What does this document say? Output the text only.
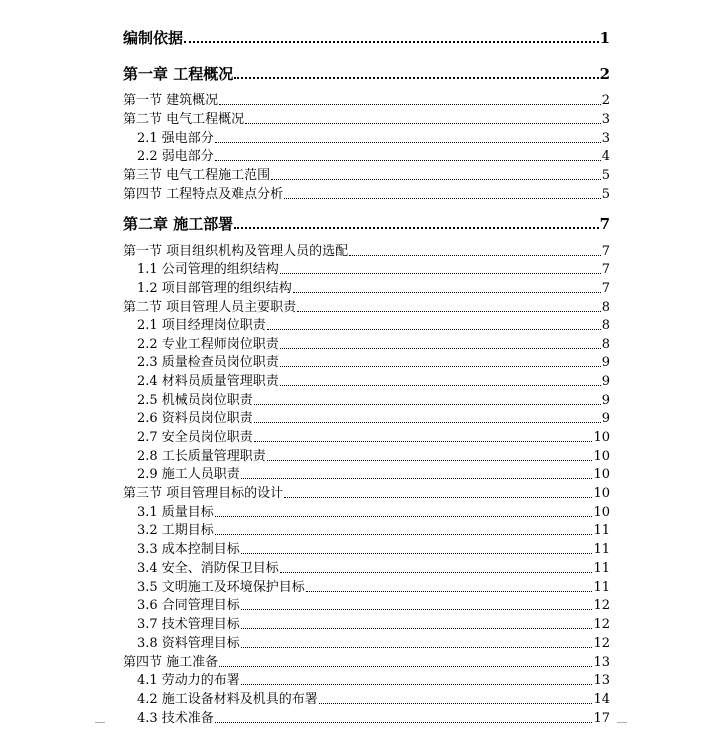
编制依据	1
第一章 工程概况	2
第一节 建筑概况	2
第二节 电气工程概况	3
2.1 强电部分	3
2.2 弱电部分	4
第三节 电气工程施工范围	5
第四节 工程特点及难点分析	5
第二章 施工部署	7
第一节 项目组织机构及管理人员的选配	7
1.1 公司管理的组织结构	7
1.2 项目部管理的组织结构	7
第二节 项目管理人员主要职责	8
2.1 项目经理岗位职责	8
2.2 专业工程师岗位职责	8
2.3 质量检查员岗位职责	9
2.4 材料员质量管理职责	9
2.5 机械员岗位职责	9
2.6 资料员岗位职责	9
2.7 安全员岗位职责	10
2.8 工长质量管理职责	10
2.9 施工人员职责	10
第三节 项目管理目标的设计	10
3.1 质量目标	10
3.2 工期目标	11
3.3 成本控制目标	11
3.4 安全、消防保卫目标	11
3.5 文明施工及环境保护目标	11
3.6 合同管理目标	12
3.7 技术管理目标	12
3.8 资料管理目标	12
第四节 施工准备	13
4.1 劳动力的布署	13
4.2 施工设备材料及机具的布署	14
4.3 技术准备	17
